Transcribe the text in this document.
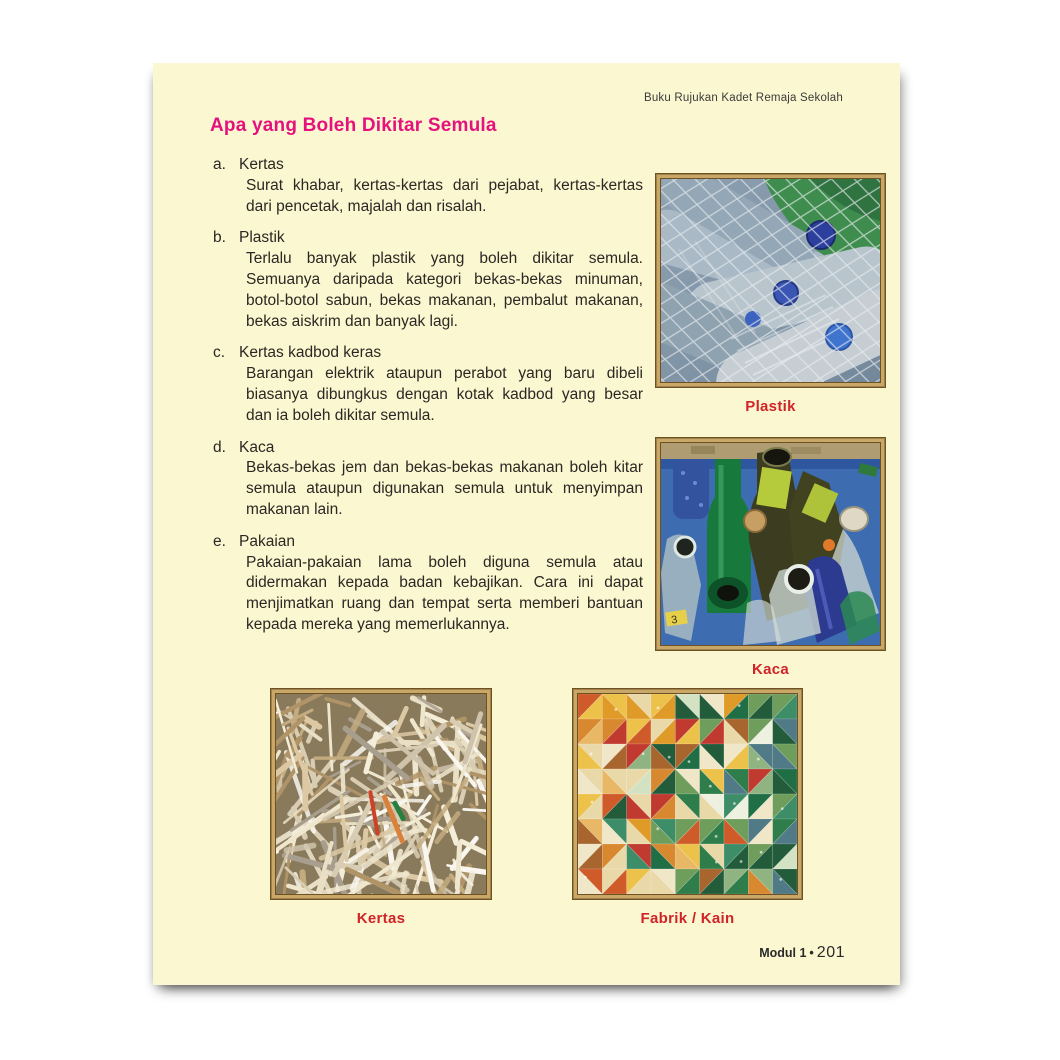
Buku Rujukan Kadet Remaja Sekolah
Apa yang Boleh Dikitar Semula
a. Kertas

Surat khabar, kertas-kertas dari pejabat, kertas-kertas dari pencetak, majalah dan risalah.

b. Plastik

Terlalu banyak plastik yang boleh dikitar semula. Semuanya daripada kategori bekas-bekas minuman, botol-botol sabun, bekas makanan, pembalut makanan, bekas aiskrim dan banyak lagi.

c. Kertas kadbod keras

Barangan elektrik ataupun perabot yang baru dibeli biasanya dibungkus dengan kotak kadbod yang besar dan ia boleh dikitar semula.

d. Kaca

Bekas-bekas jem dan bekas-bekas makanan boleh kitar semula ataupun digunakan semula untuk menyimpan makanan lain.

e. Pakaian

Pakaian-pakaian lama boleh diguna semula atau didermakan kepada badan kebajikan. Cara ini dapat menjimatkan ruang dan tempat serta memberi bantuan kepada mereka yang memerlukannya.

Plastik
3
Kaca
Kertas	Fabrik / Kain
Modul 1 • 201
